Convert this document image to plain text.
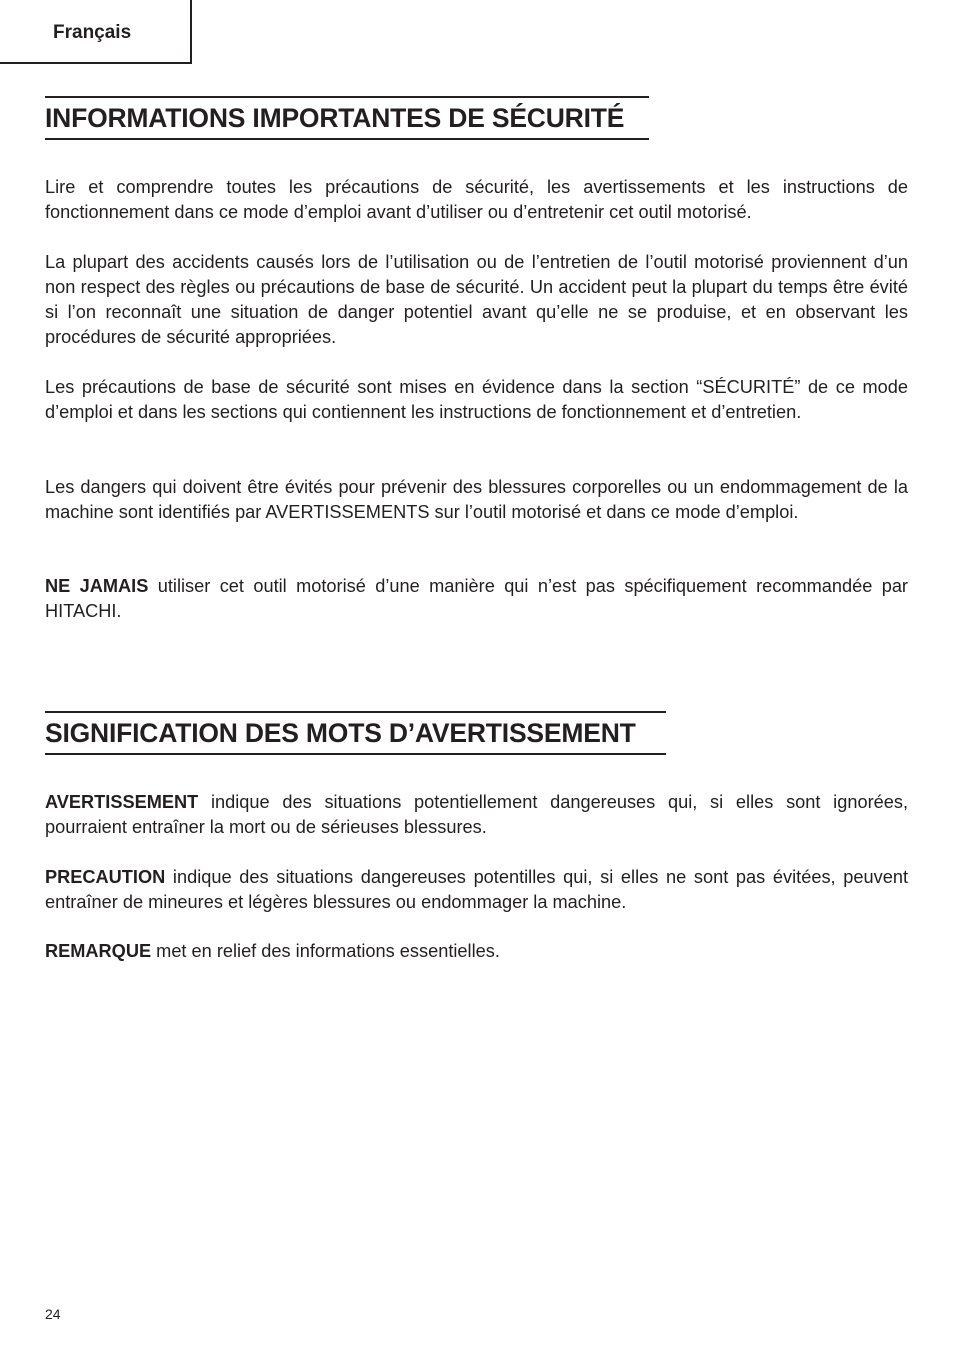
Français
INFORMATIONS IMPORTANTES DE SÉCURITÉ

Lire et comprendre toutes les précautions de sécurité, les avertissements et les instructions de fonctionnement dans ce mode d’emploi avant d’utiliser ou d’entretenir cet outil motorisé.

La plupart des accidents causés lors de l’utilisation ou de l’entretien de l’outil motorisé proviennent d’un non respect des règles ou précautions de base de sécurité. Un accident peut la plupart du temps être évité si l’on reconnaît une situation de danger potentiel avant qu’elle ne se produise, et en observant les procédures de sécurité appropriées.

Les précautions de base de sécurité sont mises en évidence dans la section “SÉCURITÉ” de ce mode d’emploi et dans les sections qui contiennent les instructions de fonctionnement et d’entretien.

Les dangers qui doivent être évités pour prévenir des blessures corporelles ou un endommagement de la machine sont identifiés par AVERTISSEMENTS sur l’outil motorisé et dans ce mode d’emploi.

NE JAMAIS utiliser cet outil motorisé d’une manière qui n’est pas spécifiquement recommandée par HITACHI.

SIGNIFICATION DES MOTS D’AVERTISSEMENT

AVERTISSEMENT indique des situations potentiellement dangereuses qui, si elles sont ignorées, pourraient entraîner la mort ou de sérieuses blessures.

PRECAUTION indique des situations dangereuses potentilles qui, si elles ne sont pas évitées, peuvent entraîner de mineures et légères blessures ou endommager la machine.

REMARQUE met en relief des informations essentielles.

24
